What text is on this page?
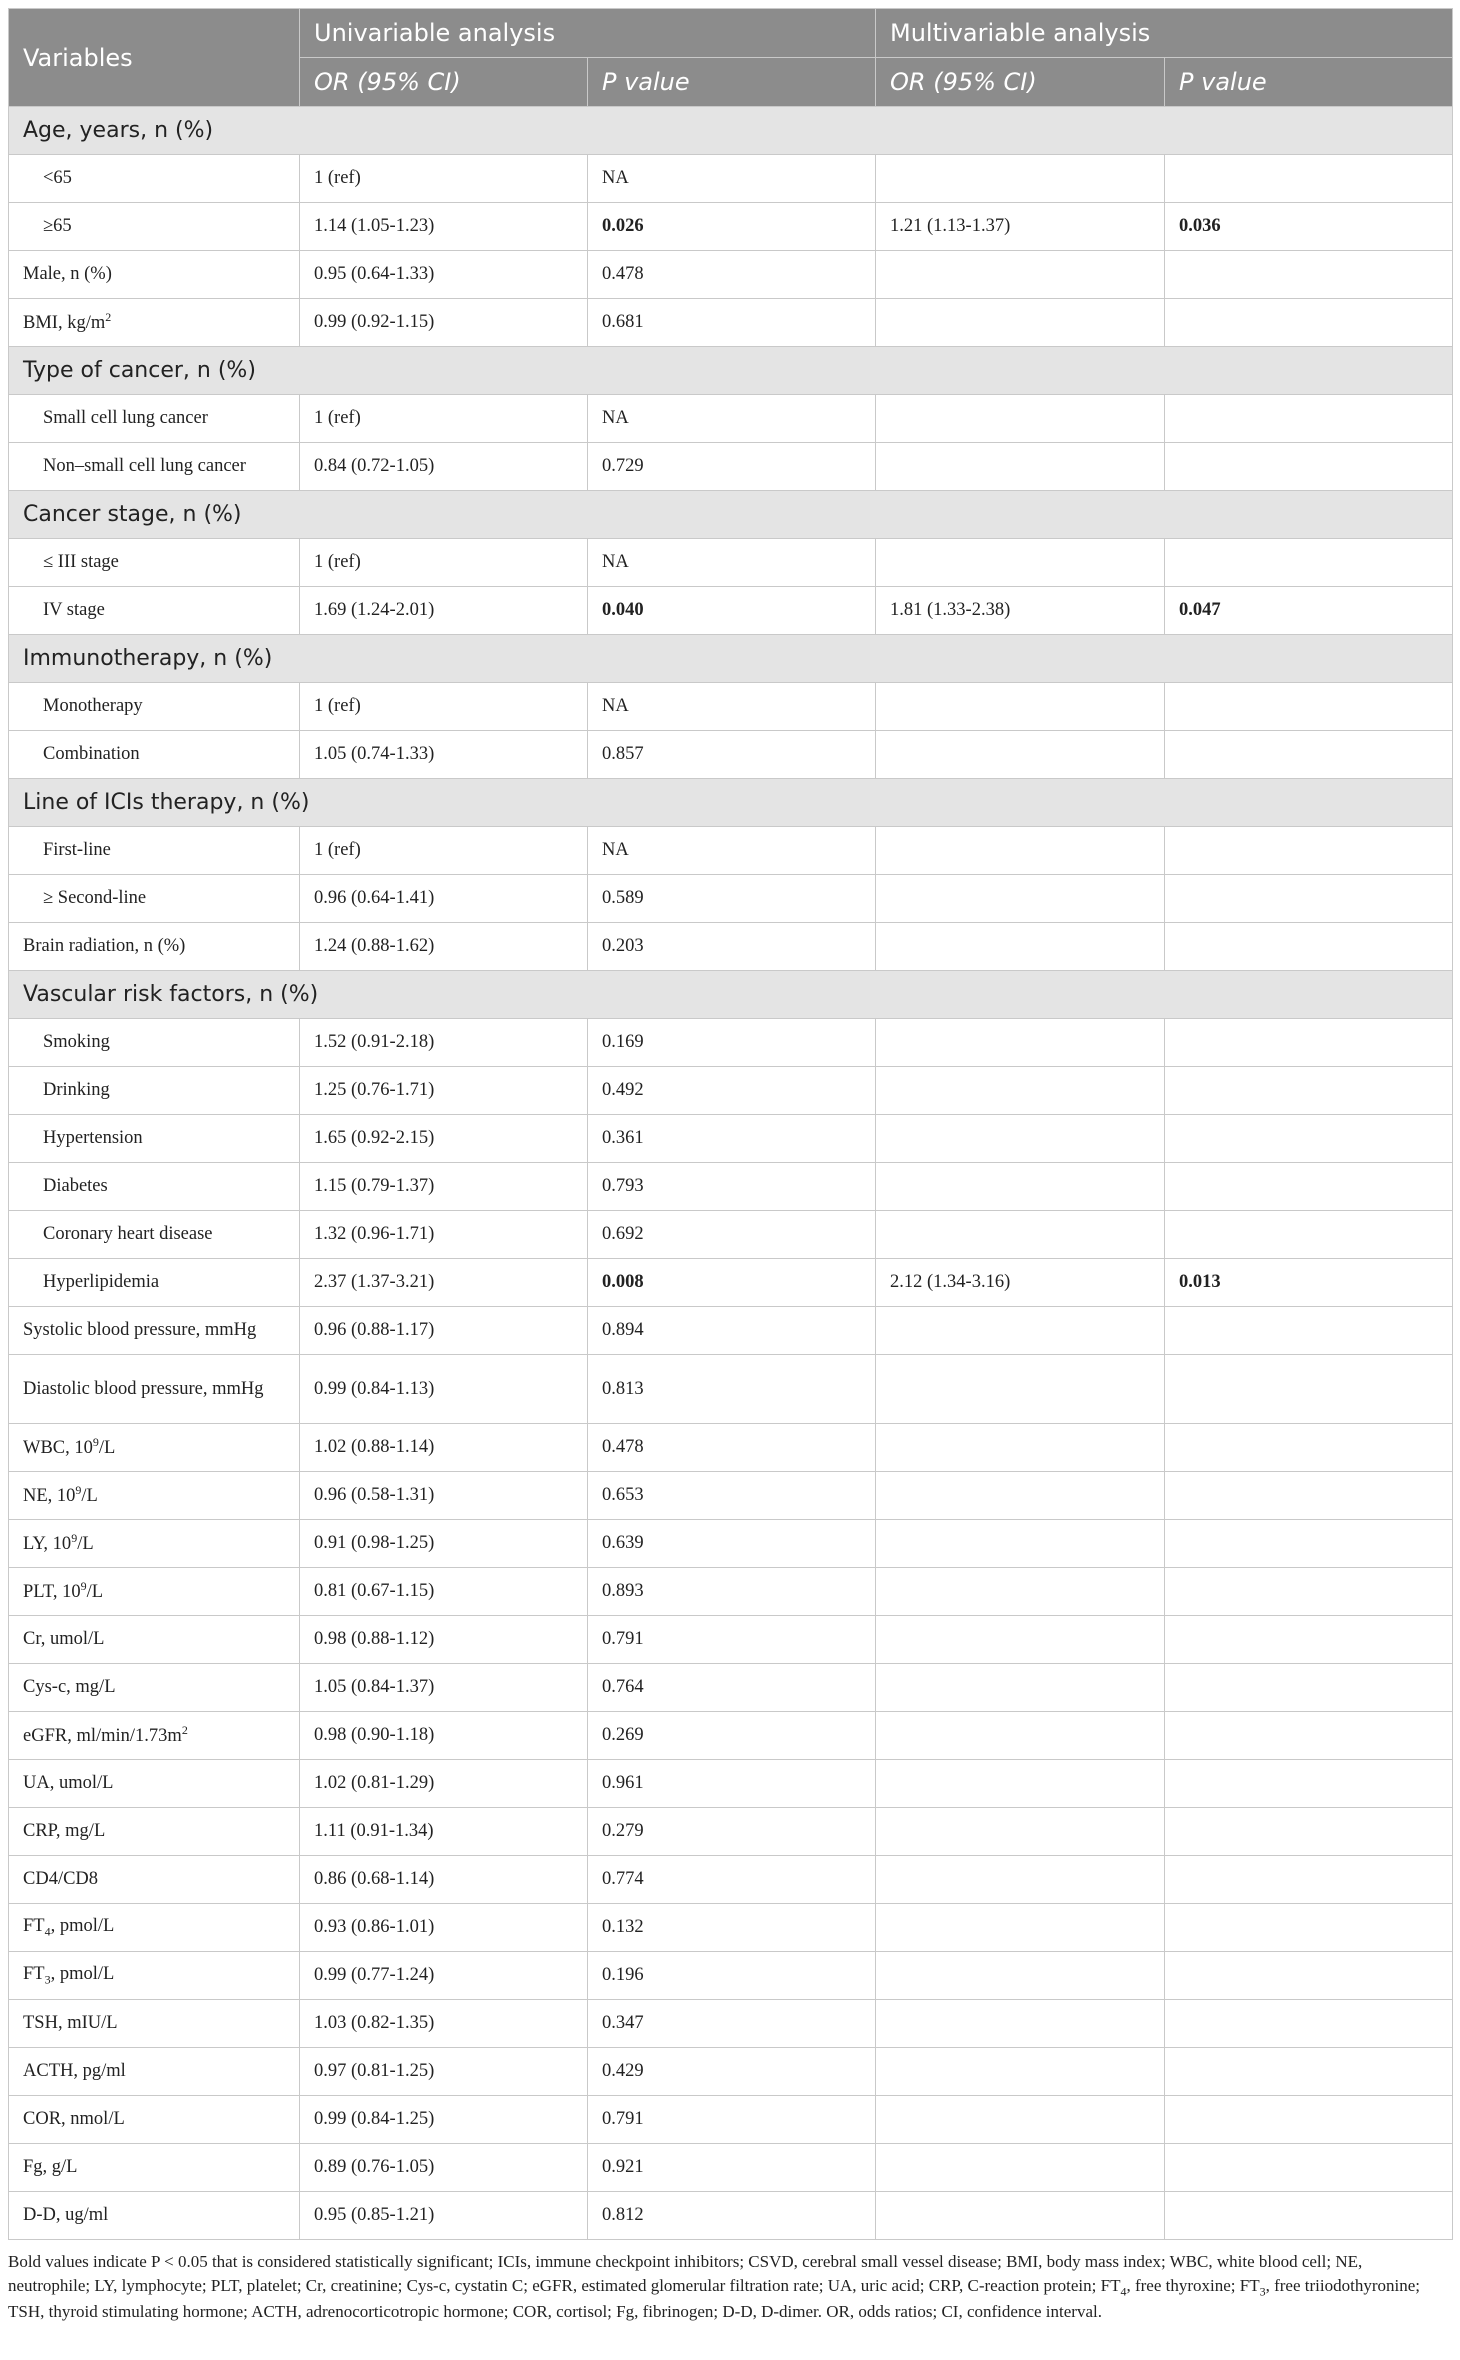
Variables	Univariable analysis		Multivariable analysis	
	OR (95% CI)	P value	OR (95% CI)	P value
Age, years, n (%)				
<65	1 (ref)	NA		
≥65	1.14 (1.05-1.23)	0.026	1.21 (1.13-1.37)	0.036
Male, n (%)	0.95 (0.64-1.33)	0.478		
BMI, $kg/m^2$	0.99 (0.92-1.15)	0.681		
Type of cancer, n (%)				
Small cell lung cancer	1 (ref)	NA		
Non–small cell lung cancer	0.84 (0.72-1.05)	0.729		
Cancer stage, n (%)				
≤ III stage	1 (ref)	NA		
IV stage	1.69 (1.24-2.01)	0.040	1.81 (1.33-2.38)	0.047
Immunotherapy, n (%)				
Monotherapy	1 (ref)	NA		
Combination	1.05 (0.74-1.33)	0.857		
Line of ICIs therapy, n (%)				
First-line	1 (ref)	NA		
≥ Second-line	0.96 (0.64-1.41)	0.589		
Brain radiation, n (%)	1.24 (0.88-1.62)	0.203		
Vascular risk factors, n (%)				
Smoking	1.52 (0.91-2.18)	0.169		
Drinking	1.25 (0.76-1.71)	0.492		
Hypertension	1.65 (0.92-2.15)	0.361		
Diabetes	1.15 (0.79-1.37)	0.793		
Coronary heart disease	1.32 (0.96-1.71)	0.692		
Hyperlipidemia	2.37 (1.37-3.21)	0.008	2.12 (1.34-3.16)	0.013
Systolic blood pressure, mmHg	0.96 (0.88-1.17)	0.894		
Diastolic blood pressure, mmHg	0.99 (0.84-1.13)	0.813		
WBC, $10^9/L$	1.02 (0.88-1.14)	0.478		
NE, $10^9/L$	0.96 (0.58-1.31)	0.653		
LY, $10^9/L$	0.91 (0.98-1.25)	0.639		
PLT, $10^9/L$	0.81 (0.67-1.15)	0.893		
Cr, umol/L	0.98 (0.88-1.12)	0.791		
Cys-c, mg/L	1.05 (0.84-1.37)	0.764		
eGFR, $ml/\min/1.73m^2$	0.98 (0.90-1.18)	0.269		
UA, umol/L	1.02 (0.81-1.29)	0.961		
CRP, mg/L	1.11 (0.91-1.34)	0.279		
CD4/CD8	0.86 (0.68-1.14)	0.774		
$FT_4$, pmol/L	0.93 (0.86-1.01)	0.132		
$FT_3$, pmol/L	0.99 (0.77-1.24)	0.196		
TSH, mIU/L	1.03 (0.82-1.35)	0.347		
ACTH, pg/ml	0.97 (0.81-1.25)	0.429		
COR, nmol/L	0.99 (0.84-1.25)	0.791		
Fg, g/L	0.89 (0.76-1.05)	0.921		
D-D, ug/ml	0.95 (0.85-1.21)	0.812		
Bold values indicate P < 0.05 that is considered statistically significant; ICIs, immune checkpoint inhibitors; CSVD, cerebral small vessel disease; BMI, body mass index; WBC, white blood cell; NE, neutrophile; LY, lymphocyte; PLT, platelet; Cr, creatinine; Cys-c, cystatin C; eGFR, estimated glomerular filtration rate; UA, uric acid; CRP, C-reaction protein; $FT_4$, free thyroxine; $FT_3$, free triiodothyronine; TSH, thyroid stimulating hormone; ACTH, adrenocorticotropic hormone; COR, cortisol; Fg, fibrinogen; D-D, D-dimer. OR, odds ratios; CI, confidence interval.
